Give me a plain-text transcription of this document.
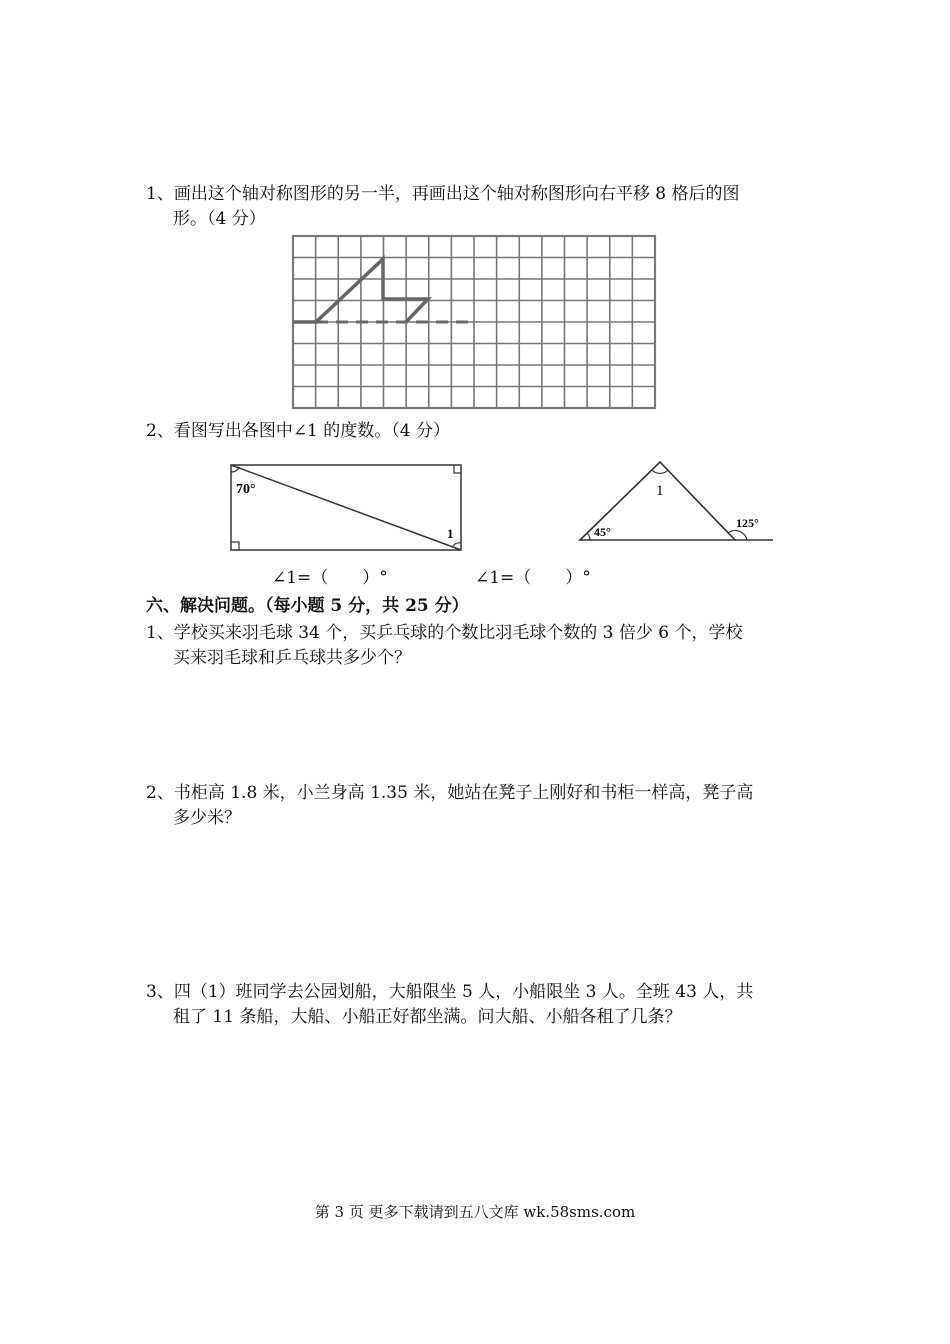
1、画出这个轴对称图形的另一半，再画出这个轴对称图形向右平移 8 格后的图
形。（4 分）
2、看图写出各图中∠1 的度数。（4 分）
70°
1	45°
1
125°
∠1=（　　）°	∠1=（　　）°
六、解决问题。（每小题 5 分，共 25 分）
1、学校买来羽毛球 34 个，买乒乓球的个数比羽毛球个数的 3 倍少 6 个，学校
买来羽毛球和乒乓球共多少个？
2、书柜高 1.8 米，小兰身高 1.35 米，她站在凳子上刚好和书柜一样高，凳子高
多少米？
3、四（1）班同学去公园划船，大船限坐 5 人，小船限坐 3 人。全班 43 人，共
租了 11 条船，大船、小船正好都坐满。问大船、小船各租了几条？
第 3 页 更多下载请到五八文库 wk.58sms.com
